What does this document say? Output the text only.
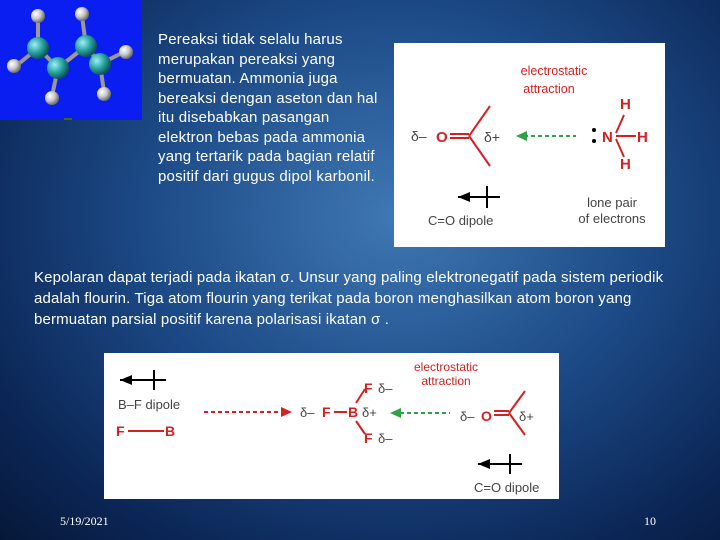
Pereaksi tidak selalu harus merupakan pereaksi yang bermuatan. Ammonia juga bereaksi dengan aseton dan hal itu disebabkan pasangan elektron bebas pada ammonia yang tertarik pada bagian relatif positif dari gugus dipol karbonil.
electrostatic
attraction
δ– O	δ+	N
H
H
H
C=O dipole
lone pair
of electrons
Kepolaran dapat terjadi pada ikatan σ. Unsur yang paling elektronegatif pada sistem periodik adalah flourin. Tiga atom flourin yang terikat pada boron menghasilkan atom boron yang bermuatan parsial positif karena polarisasi ikatan σ .
B–F dipole
F	B
F δ–
δ– F B δ+
F δ–
electrostatic
attraction
δ– O δ+
C=O dipole
5/19/2021	10
